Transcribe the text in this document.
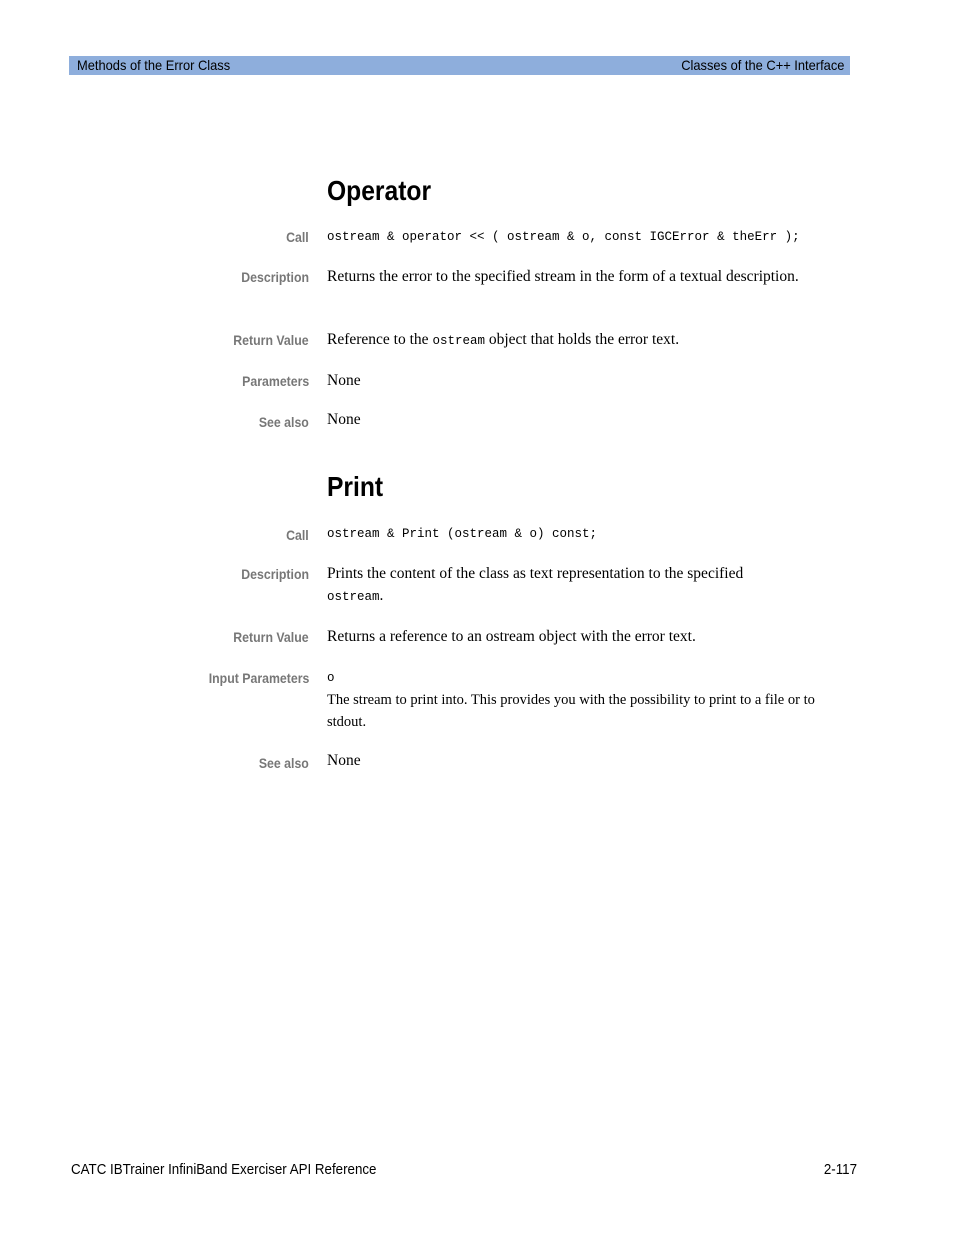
Methods of the Error Class	Classes of the C++ Interface
Operator
Call ostream & operator << ( ostream & o, const IGCError & theErr );
Description Returns the error to the specified stream in the form of a textual description.
Return Value Reference to the ostream object that holds the error text.
Parameters None
See also None
Print
Call ostream & Print (ostream & o) const;
Description Prints the content of the class as text representation to the specified
ostream.
Return Value Returns a reference to an ostream object with the error text.
Input Parameters o
The stream to print into. This provides you with the possibility to print to a file or to stdout.
See also None
CATC IBTrainer InfiniBand Exerciser API Reference	2-117
